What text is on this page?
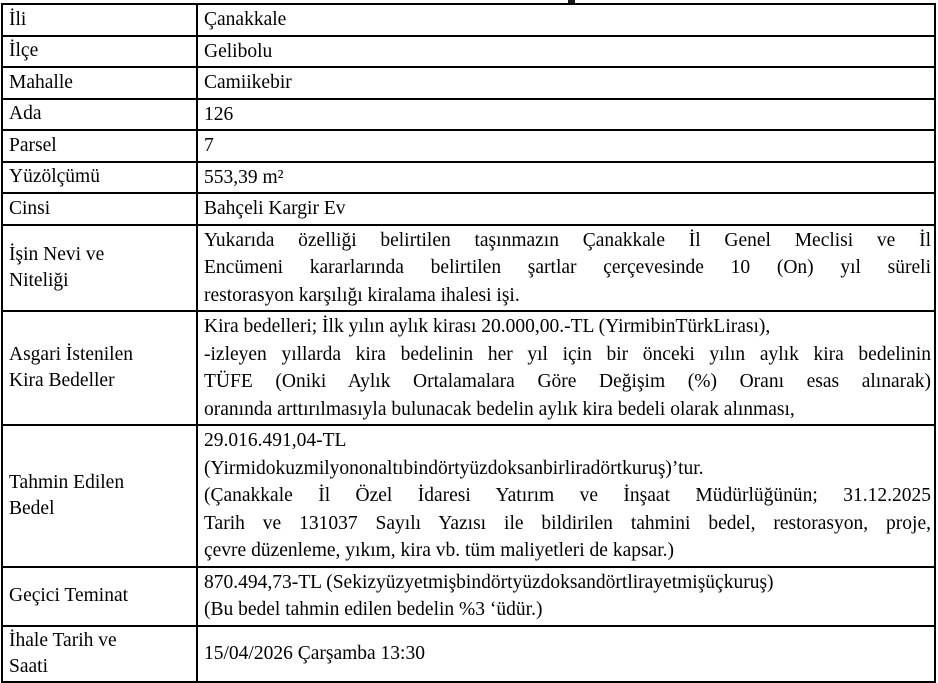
İli	Çanakkale

İlçe	Gelibolu

Mahalle	Camiikebir

Ada	126

Parsel	7

Yüzölçümü	553,39 m²

Cinsi	Bahçeli Kargir Ev

İşin Nevi ve
Niteliği	Yukarıda özelliği belirtilen taşınmazın Çanakkale İl Genel Meclisi ve İl
Encümeni kararlarında belirtilen şartlar çerçevesinde 10 (On) yıl süreli
restorasyon karşılığı kiralama ihalesi işi.

Asgari İstenilen
Kira Bedeller	Kira bedelleri; İlk yılın aylık kirası 20.000,00.-TL (YirmibinTürkLirası),
-izleyen yıllarda kira bedelinin her yıl için bir önceki yılın aylık kira bedelinin
TÜFE (Oniki Aylık Ortalamalara Göre Değişim (%) Oranı esas alınarak)
oranında arttırılmasıyla bulunacak bedelin aylık kira bedeli olarak alınması,

Tahmin Edilen
Bedel	29.016.491,04-TL
(Yirmidokuzmilyononaltıbindörtyüzdoksanbirliradörtkuruş)’tur.
(Çanakkale İl Özel İdaresi Yatırım ve İnşaat Müdürlüğünün; 31.12.2025
Tarih ve 131037 Sayılı Yazısı ile bildirilen tahmini bedel, restorasyon, proje,
çevre düzenleme, yıkım, kira vb. tüm maliyetleri de kapsar.)

Geçici Teminat	870.494,73-TL (Sekizyüzyetmişbindörtyüzdoksandörtlirayetmişüçkuruş)
(Bu bedel tahmin edilen bedelin %3 ‘üdür.)

İhale Tarih ve
Saati	15/04/2026 Çarşamba 13:30
